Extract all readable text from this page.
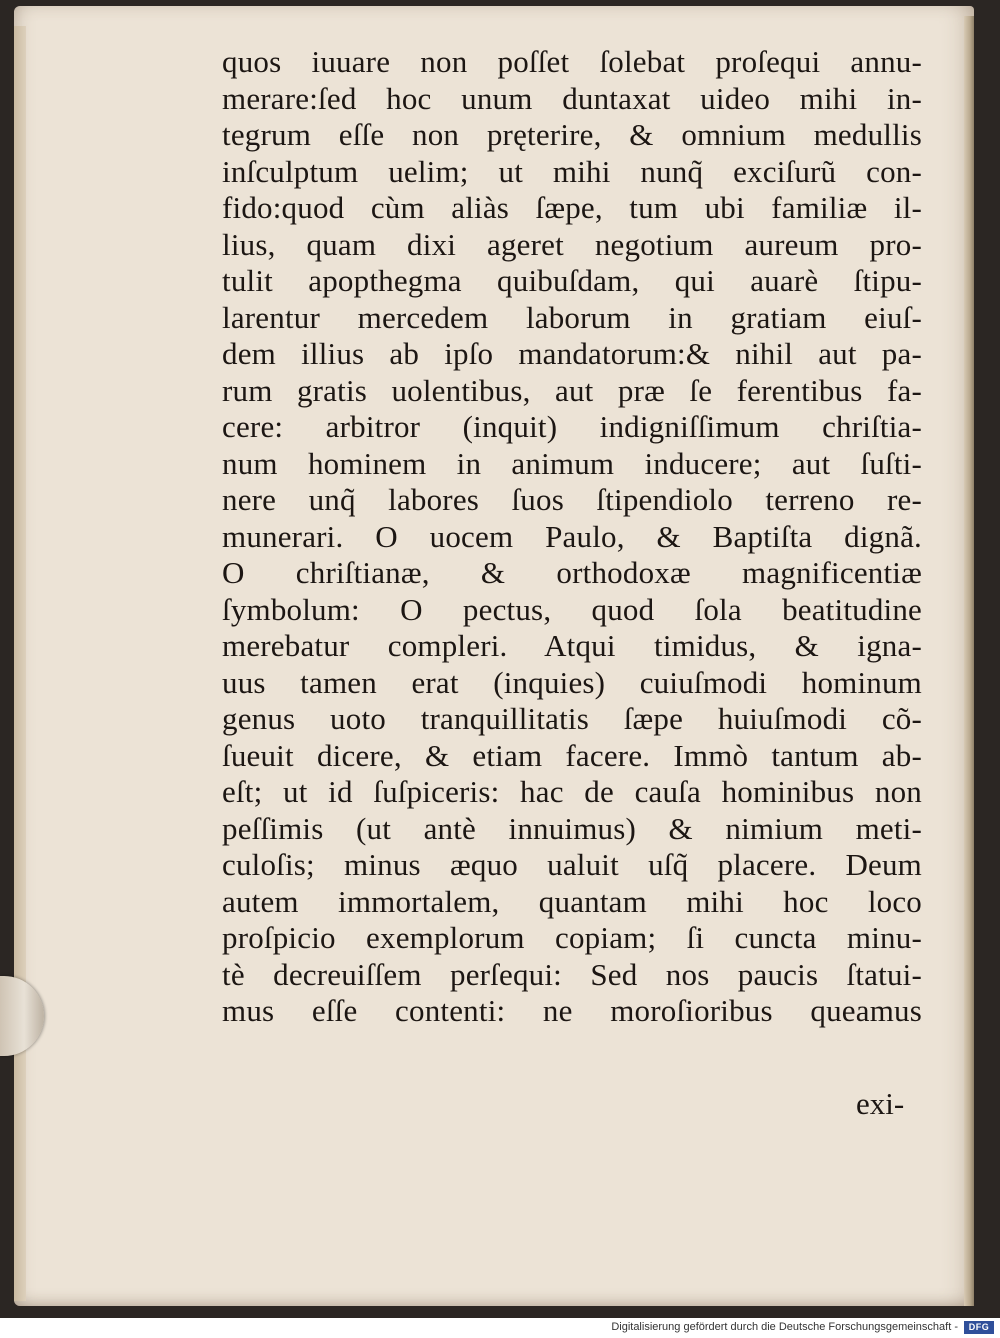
quos iuuare non poſſet ſolebat proſequi annu-
merare:ſed hoc unum duntaxat uideo mihi in-
tegrum eſſe non pręterire, & omnium medullis
inſculptum uelim; ut mihi nunq̃ exciſurũ con-
fido:quod cùm aliàs ſæpe, tum ubi familiæ il-
lius, quam dixi ageret negotium aureum pro-
tulit apopthegma quibuſdam, qui auarè ſtipu-
larentur mercedem laborum in gratiam eiuſ-
dem illius ab ipſo mandatorum:& nihil aut pa-
rum gratis uolentibus, aut præ ſe ferentibus fa-
cere: arbitror (inquit) indigniſſimum chriſtia-
num hominem in animum inducere; aut ſuſti-
nere unq̃ labores ſuos ſtipendiolo terreno re-
munerari. O uocem Paulo, & Baptiſta dignã.
O chriſtianæ, & orthodoxæ magnificentiæ
ſymbolum: O pectus, quod ſola beatitudine
merebatur compleri. Atqui timidus, & igna-
uus tamen erat (inquies) cuiuſmodi hominum
genus uoto tranquillitatis ſæpe huiuſmodi cõ-
ſueuit dicere, & etiam facere. Immò tantum ab-
eſt; ut id ſuſpiceris: hac de cauſa hominibus non
peſſimis (ut antè innuimus) & nimium meti-
culoſis; minus æquo ualuit uſq̃ placere. Deum
autem immortalem, quantam mihi hoc loco
proſpicio exemplorum copiam; ſi cuncta minu-
tè decreuiſſem perſequi: Sed nos paucis ſtatui-
mus eſſe contenti: ne moroſioribus queamus
exi-
Digitalisierung gefördert durch die Deutsche Forschungsgemeinschaft -	DFG
